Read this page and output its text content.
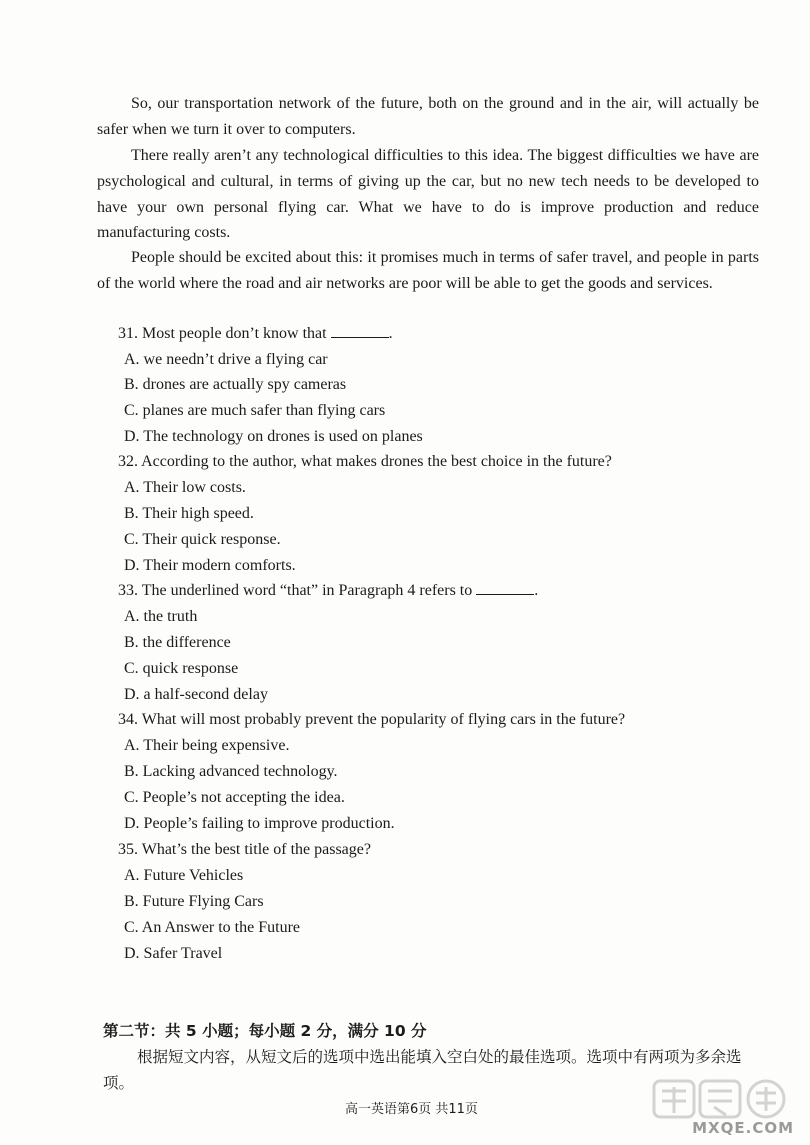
So, our transportation network of the future, both on the ground and in the air, will actually be safer when we turn it over to computers.
There really aren’t any technological difficulties to this idea. The biggest difficulties we have are psychological and cultural, in terms of giving up the car, but no new tech needs to be developed to have your own personal flying car. What we have to do is improve production and reduce manufacturing costs.
People should be excited about this: it promises much in terms of safer travel, and people in parts of the world where the road and air networks are poor will be able to get the goods and services.
31. Most people don’t know that	.
A. we needn’t drive a flying car
B. drones are actually spy cameras
C. planes are much safer than flying cars
D. The technology on drones is used on planes
32. According to the author, what makes drones the best choice in the future?
A. Their low costs.
B. Their high speed.
C. Their quick response.
D. Their modern comforts.
33. The underlined word “that” in Paragraph 4 refers to	.
A. the truth
B. the difference
C. quick response
D. a half-second delay
34. What will most probably prevent the popularity of flying cars in the future?
A. Their being expensive.
B. Lacking advanced technology.
C. People’s not accepting the idea.
D. People’s failing to improve production.
35. What’s the best title of the passage?
A. Future Vehicles
B. Future Flying Cars
C. An Answer to the Future
D. Safer Travel
第二节：共 5 小题；每小题 2 分，满分 10 分
根据短文内容，从短文后的选项中选出能填入空白处的最佳选项。选项中有两项为多余选项。
高一英语第6页 共11页
MXQE.COM
